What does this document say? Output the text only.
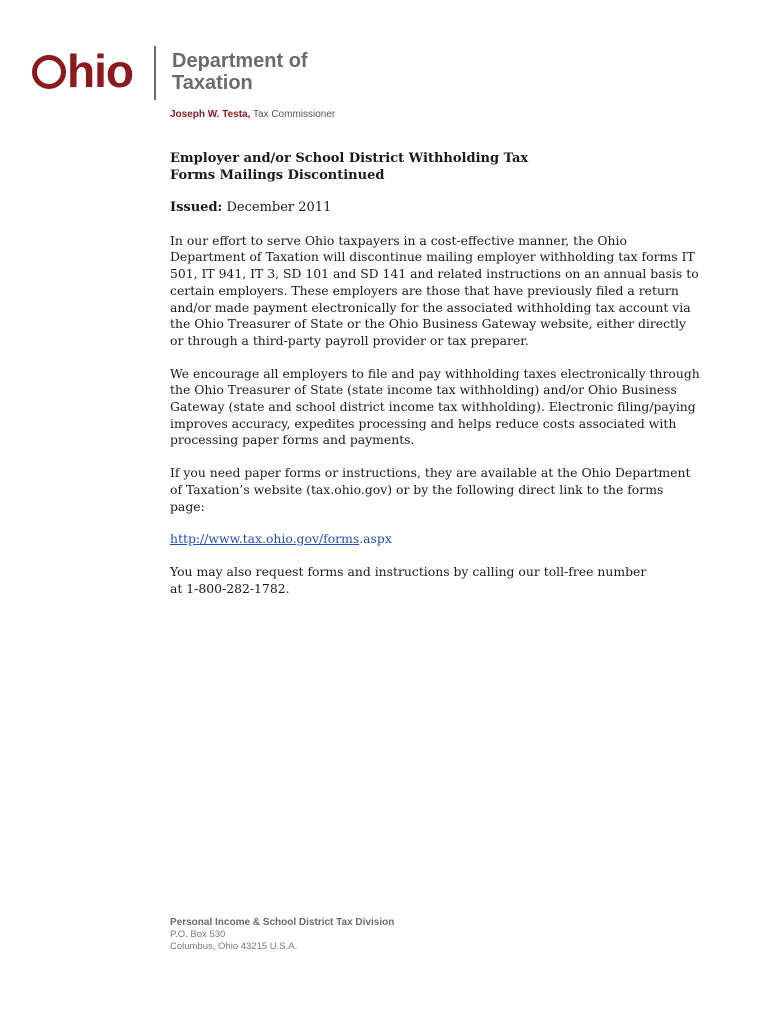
hio Department of
Taxation
Joseph W. Testa, Tax Commissioner

Employer and/or School District Withholding Tax
Forms Mailings Discontinued

Issued: December 2011

In our effort to serve Ohio taxpayers in a cost-effective manner, the Ohio Department of Taxation will discontinue mailing employer withholding tax forms IT 501, IT 941, IT 3, SD 101 and SD 141 and related instructions on an annual basis to certain employers. These employers are those that have previously filed a return and/or made payment electronically for the associated withholding tax account via the Ohio Treasurer of State or the Ohio Business Gateway website, either directly or through a third-party payroll provider or tax preparer.

We encourage all employers to file and pay withholding taxes electronically through the Ohio Treasurer of State (state income tax withholding) and/or Ohio Business Gateway (state and school district income tax withholding). Electronic filing/paying improves accuracy, expedites processing and helps reduce costs associated with processing paper forms and payments.

If you need paper forms or instructions, they are available at the Ohio Department of Taxation’s website (tax.ohio.gov) or by the following direct link to the forms page:

http://www.tax.ohio.gov/forms.aspx

You may also request forms and instructions by calling our toll-free number
at 1-800-282-1782.

Personal Income & School District Tax Division
P.O. Box 530
Columbus, Ohio 43215 U.S.A.
